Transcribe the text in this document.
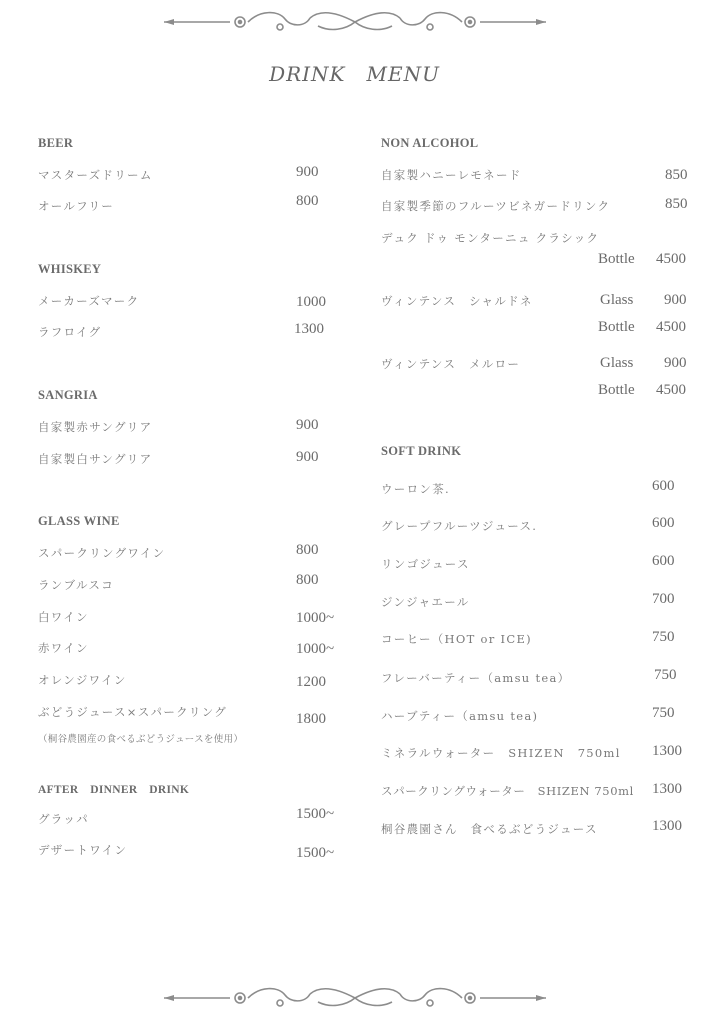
DRINK　MENU
BEER
マスターズドリーム	900
オールフリー	800
WHISKEY
メーカーズマーク	1000
ラフロイグ	1300
SANGRIA
自家製赤サングリア	900
自家製白サングリア	900
GLASS WINE
スパークリングワイン	800
ランブルスコ	800
白ワイン	1000~
赤ワイン	1000~
オレンジワイン	1200
ぶどうジュース×スパークリング	1800
（桐谷農園産の食べるぶどうジュースを使用）
AFTER　DINNER　DRINK
グラッパ	1500~
デザートワイン	1500~
NON ALCOHOL
自家製ハニーレモネード	850
自家製季節のフルーツビネガードリンク	850
デュク ドゥ モンターニュ クラシック
Bottle 4500
ヴィンテンス　シャルドネ	Glass 900
Bottle 4500
ヴィンテンス　メルロー	Glass 900
Bottle 4500
SOFT DRINK
ウーロン茶.	600
グレープフルーツジュース.	600
リンゴジュース	600
ジンジャエール	700
コーヒー（HOT or ICE)	750
フレーバーティー（amsu tea）	750
ハーブティー（amsu tea)	750
ミネラルウォーター　SHIZEN　750ml 1300
スパークリングウォーター　SHIZEN 750ml 1300
桐谷農園さん　食べるぶどうジュース	1300
